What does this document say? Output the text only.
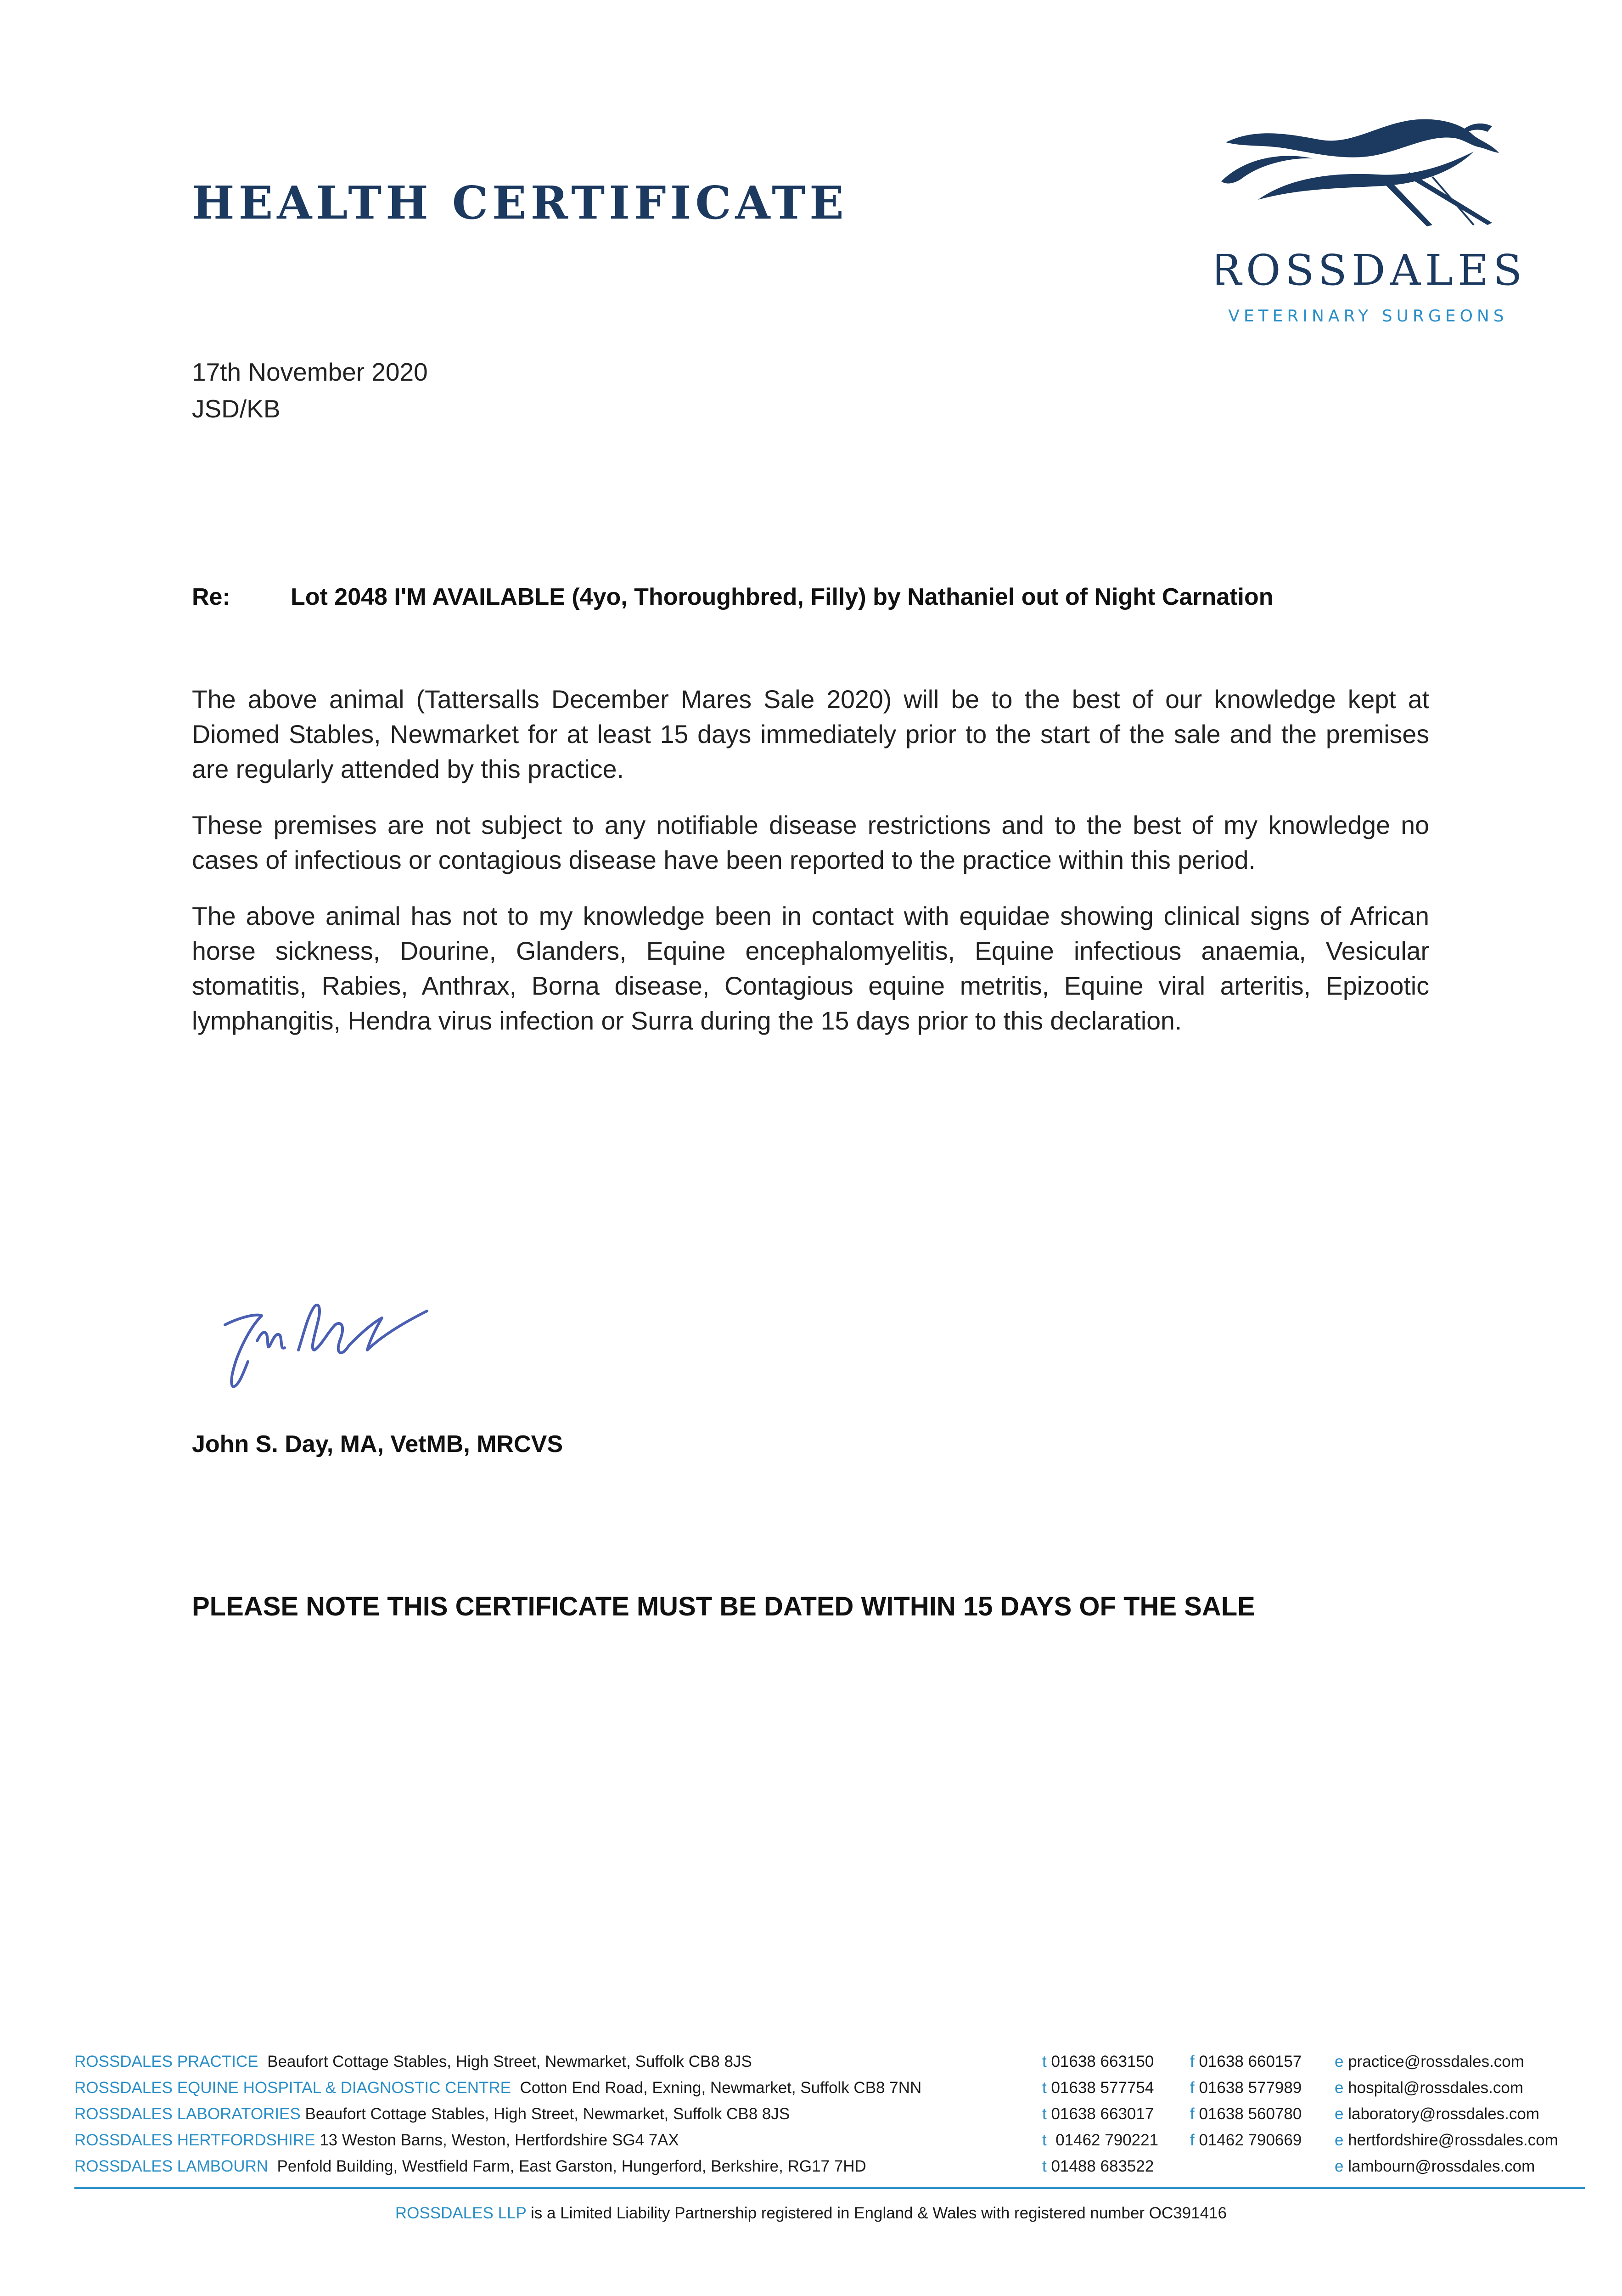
HEALTH CERTIFICATE
ROSSDALES
VETERINARY SURGEONS
17th November 2020
JSD/KB
Re:	Lot 2048 I'M AVAILABLE (4yo, Thoroughbred, Filly) by Nathaniel out of Night Carnation

The above animal (Tattersalls December Mares Sale 2020) will be to the best of our knowledge kept at Diomed Stables, Newmarket for at least 15 days immediately prior to the start of the sale and the premises are regularly attended by this practice.

These premises are not subject to any notifiable disease restrictions and to the best of my knowledge no cases of infectious or contagious disease have been reported to the practice within this period.

The above animal has not to my knowledge been in contact with equidae showing clinical signs of African horse sickness, Dourine, Glanders, Equine encephalomyelitis, Equine infectious anaemia, Vesicular stomatitis, Rabies, Anthrax, Borna disease, Contagious equine metritis, Equine viral arteritis, Epizootic lymphangitis, Hendra virus infection or Surra during the 15 days prior to this declaration.

John S. Day, MA, VetMB, MRCVS
PLEASE NOTE THIS CERTIFICATE MUST BE DATED WITHIN 15 DAYS OF THE SALE
ROSSDALES PRACTICE Beaufort Cottage Stables, High Street, Newmarket, Suffolk CB8 8JS	t 01638 663150 f 01638 660157 e practice@rossdales.com
ROSSDALES EQUINE HOSPITAL & DIAGNOSTIC CENTRE Cotton End Road, Exning, Newmarket, Suffolk CB8 7NN	t 01638 577754 f 01638 577989 e hospital@rossdales.com
ROSSDALES LABORATORIES Beaufort Cottage Stables, High Street, Newmarket, Suffolk CB8 8JS	t 01638 663017 f 01638 560780 e laboratory@rossdales.com
ROSSDALES HERTFORDSHIRE 13 Weston Barns, Weston, Hertfordshire SG4 7AX	t 01462 790221 f 01462 790669 e hertfordshire@rossdales.com
ROSSDALES LAMBOURN Penfold Building, Westfield Farm, East Garston, Hungerford, Berkshire, RG17 7HD	t 01488 683522	e lambourn@rossdales.com
ROSSDALES LLP is a Limited Liability Partnership registered in England & Wales with registered number OC391416
